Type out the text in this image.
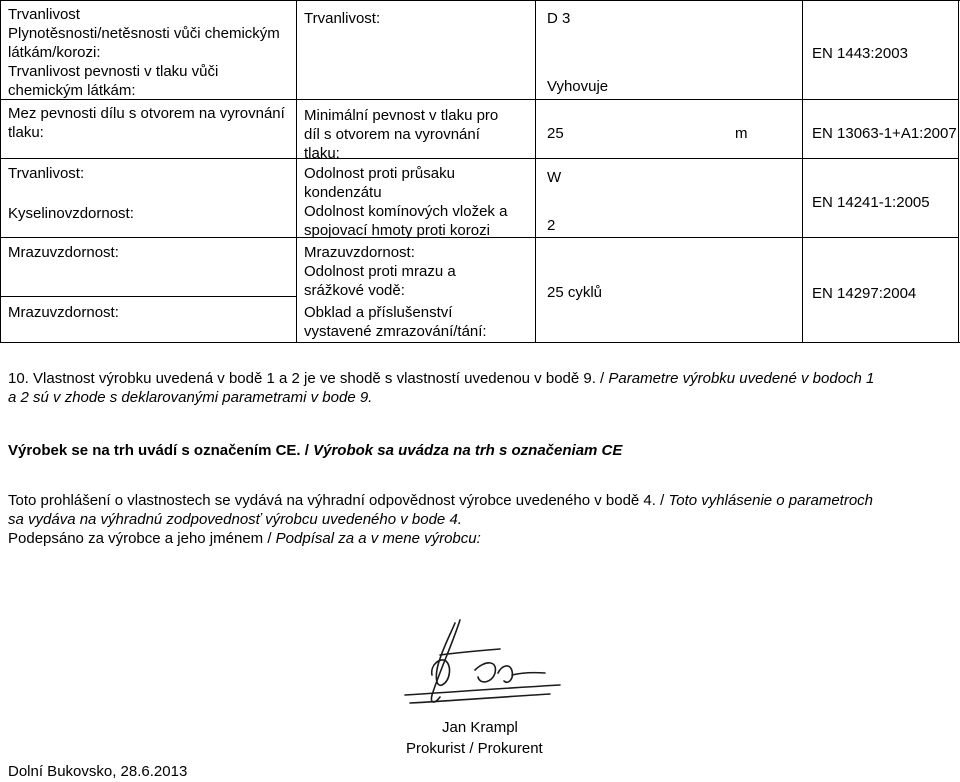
Trvanlivost
Plynotěsnosti/netěsnosti vůči chemickým
látkám/korozi:
Trvanlivost pevnosti v tlaku vůči
chemickým látkám:
Mez pevnosti dílu s otvorem na vyrovnání
tlaku:
Trvanlivost:
Kyselinovzdornost:
Mrazuvzdornost:
Mrazuvzdornost:
Trvanlivost:
Minimální pevnost v tlaku pro
díl s otvorem na vyrovnání
tlaku:
Odolnost proti průsaku
kondenzátu
Odolnost komínových vložek a
spojovací hmoty proti korozi
Mrazuvzdornost:
Odolnost proti mrazu a
srážkové vodě:
Obklad a příslušenství
vystavené zmrazování/tání:
D 3
Vyhovuje
25	m
W
2
25 cyklů
EN 1443:2003
EN 13063-1+A1:2007
EN 14241-1:2005
EN 14297:2004
10. Vlastnost výrobku uvedená v bodě 1 a 2 je ve shodě s vlastností uvedenou v bodě 9. / Parametre výrobku uvedené v bodoch 1
a 2 sú v zhode s deklarovanými parametrami v bode 9.
Výrobek se na trh uvádí s označením CE. / Výrobok sa uvádza na trh s označeniam CE
Toto prohlášení o vlastnostech se vydává na výhradní odpovědnost výrobce uvedeného v bodě 4. / Toto vyhlásenie o parametroch
sa vydáva na výhradnú zodpovednosť výrobcu uvedeného v bode 4.
Podepsáno za výrobce a jeho jménem / Podpísal za a v mene výrobcu:
Jan Krampl
Prokurist / Prokurent
Dolní Bukovsko, 28.6.2013
